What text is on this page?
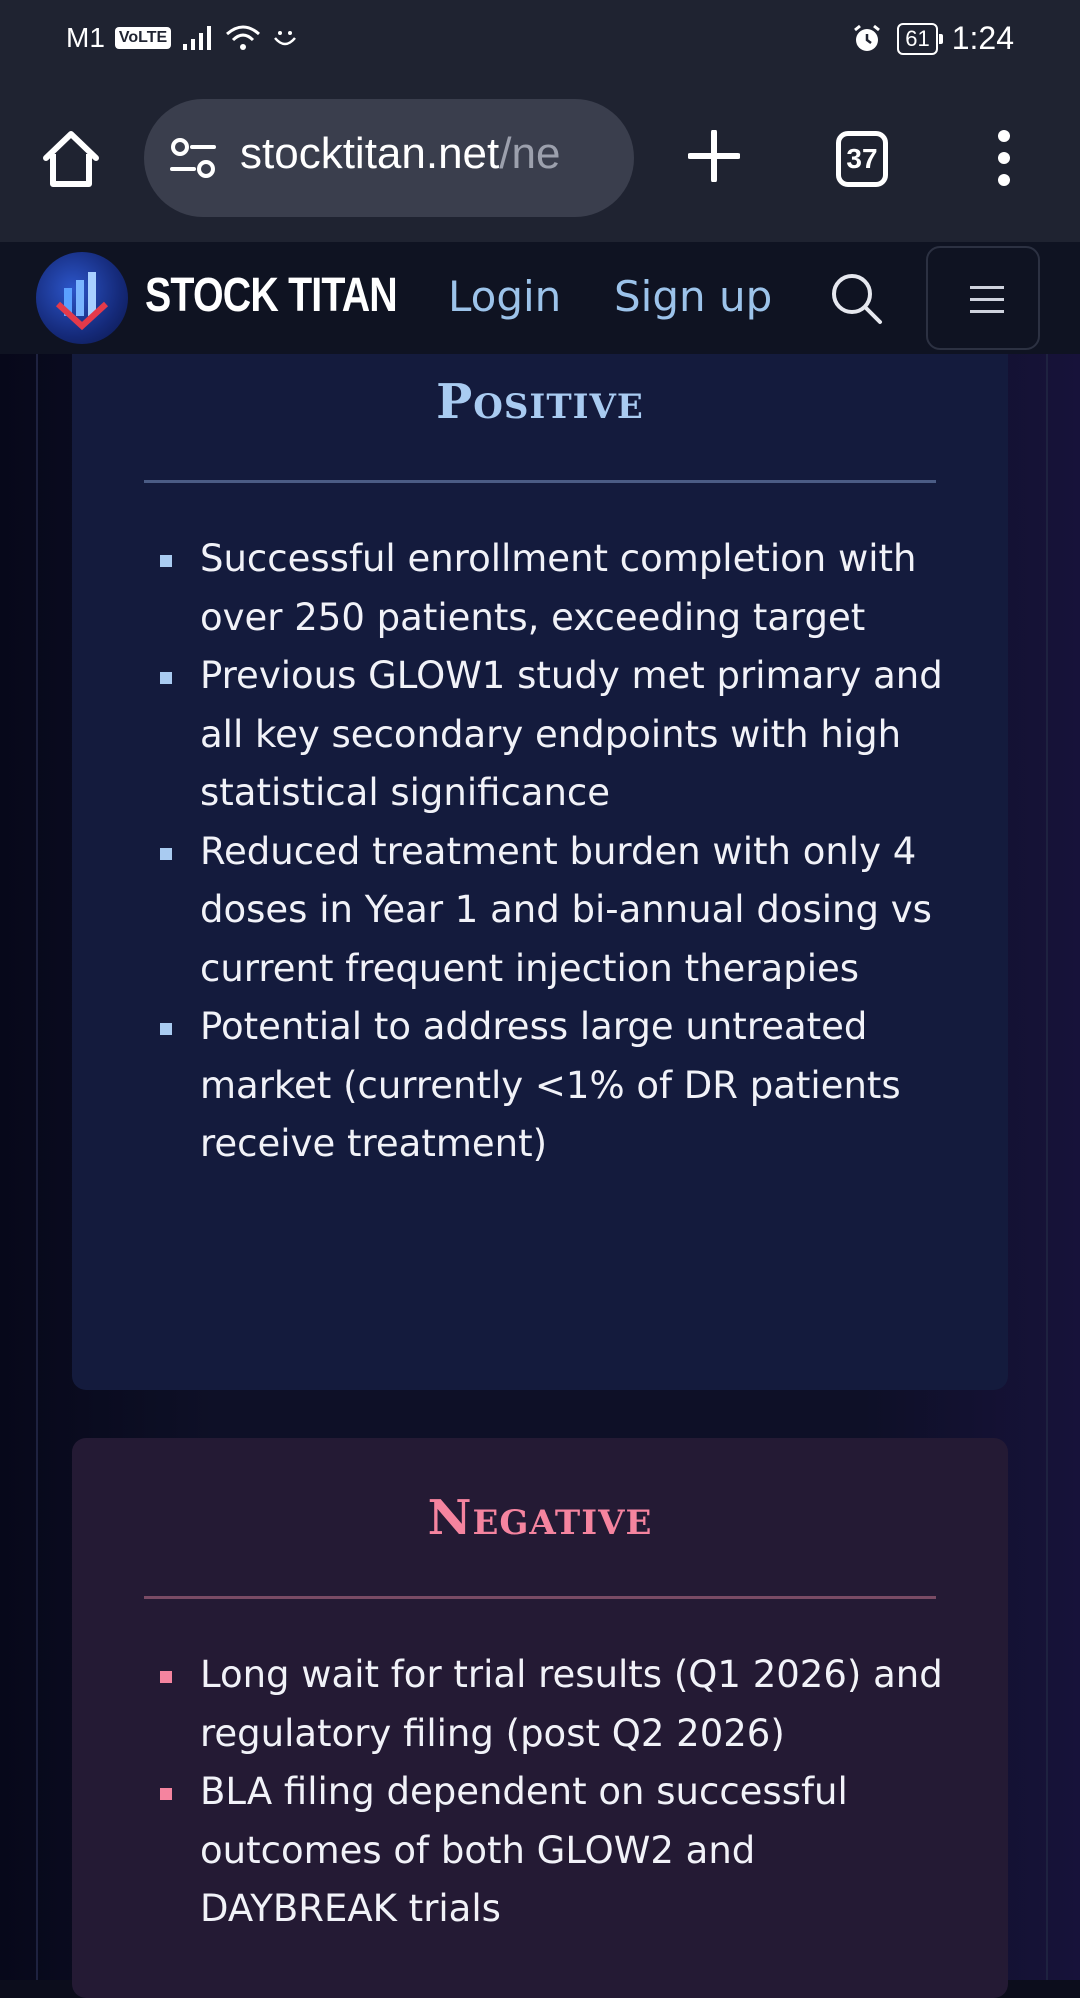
M1 VoLTE	61 1:24
stocktitan.net/ne	37
STOCK TITAN Login Sign up
Positive
Successful enrollment completion with over 250 patients, exceeding target
Previous GLOW1 study met primary and all key secondary endpoints with high statistical significance
Reduced treatment burden with only 4 doses in Year 1 and bi-annual dosing vs current frequent injection therapies
Potential to address large untreated market (currently <1% of DR patients receive treatment)
Negative
Long wait for trial results (Q1 2026) and regulatory filing (post Q2 2026)
BLA filing dependent on successful outcomes of both GLOW2 and DAYBREAK trials
